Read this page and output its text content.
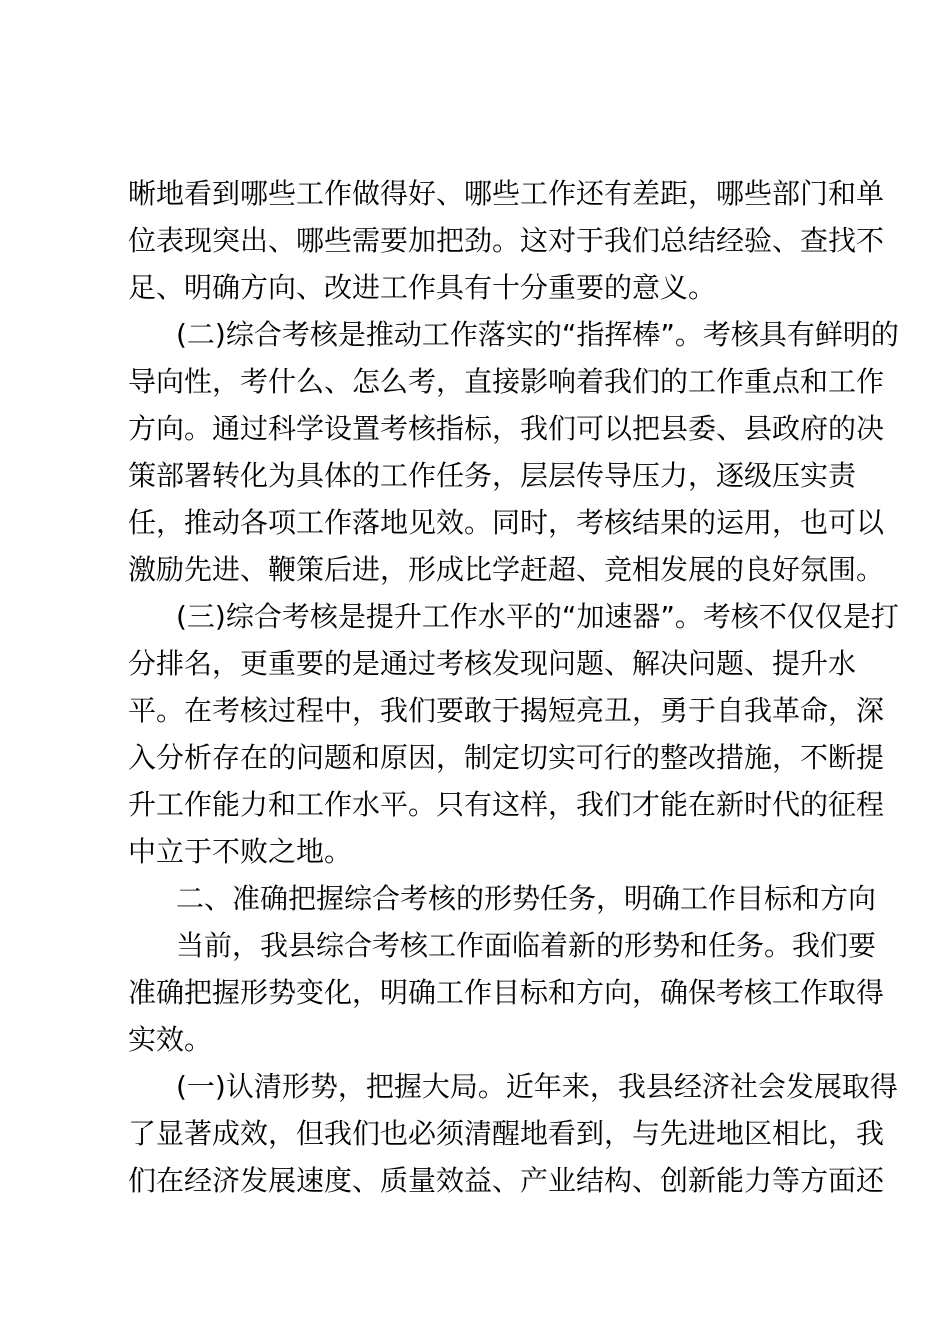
晰地看到哪些工作做得好、哪些工作还有差距，哪些部门和单

位表现突出、哪些需要加把劲。这对于我们总结经验、查找不

足、明确方向、改进工作具有十分重要的意义。

(二)综合考核是推动工作落实的“指挥棒”。考核具有鲜明的

导向性，考什么、怎么考，直接影响着我们的工作重点和工作

方向。通过科学设置考核指标，我们可以把县委、县政府的决

策部署转化为具体的工作任务，层层传导压力，逐级压实责

任，推动各项工作落地见效。同时，考核结果的运用，也可以

激励先进、鞭策后进，形成比学赶超、竞相发展的良好氛围。

(三)综合考核是提升工作水平的“加速器”。考核不仅仅是打

分排名，更重要的是通过考核发现问题、解决问题、提升水

平。在考核过程中，我们要敢于揭短亮丑，勇于自我革命，深

入分析存在的问题和原因，制定切实可行的整改措施，不断提

升工作能力和工作水平。只有这样，我们才能在新时代的征程

中立于不败之地。

二、准确把握综合考核的形势任务，明确工作目标和方向

当前，我县综合考核工作面临着新的形势和任务。我们要

准确把握形势变化，明确工作目标和方向，确保考核工作取得

实效。

(一)认清形势，把握大局。近年来，我县经济社会发展取得

了显著成效，但我们也必须清醒地看到，与先进地区相比，我

们在经济发展速度、质量效益、产业结构、创新能力等方面还
